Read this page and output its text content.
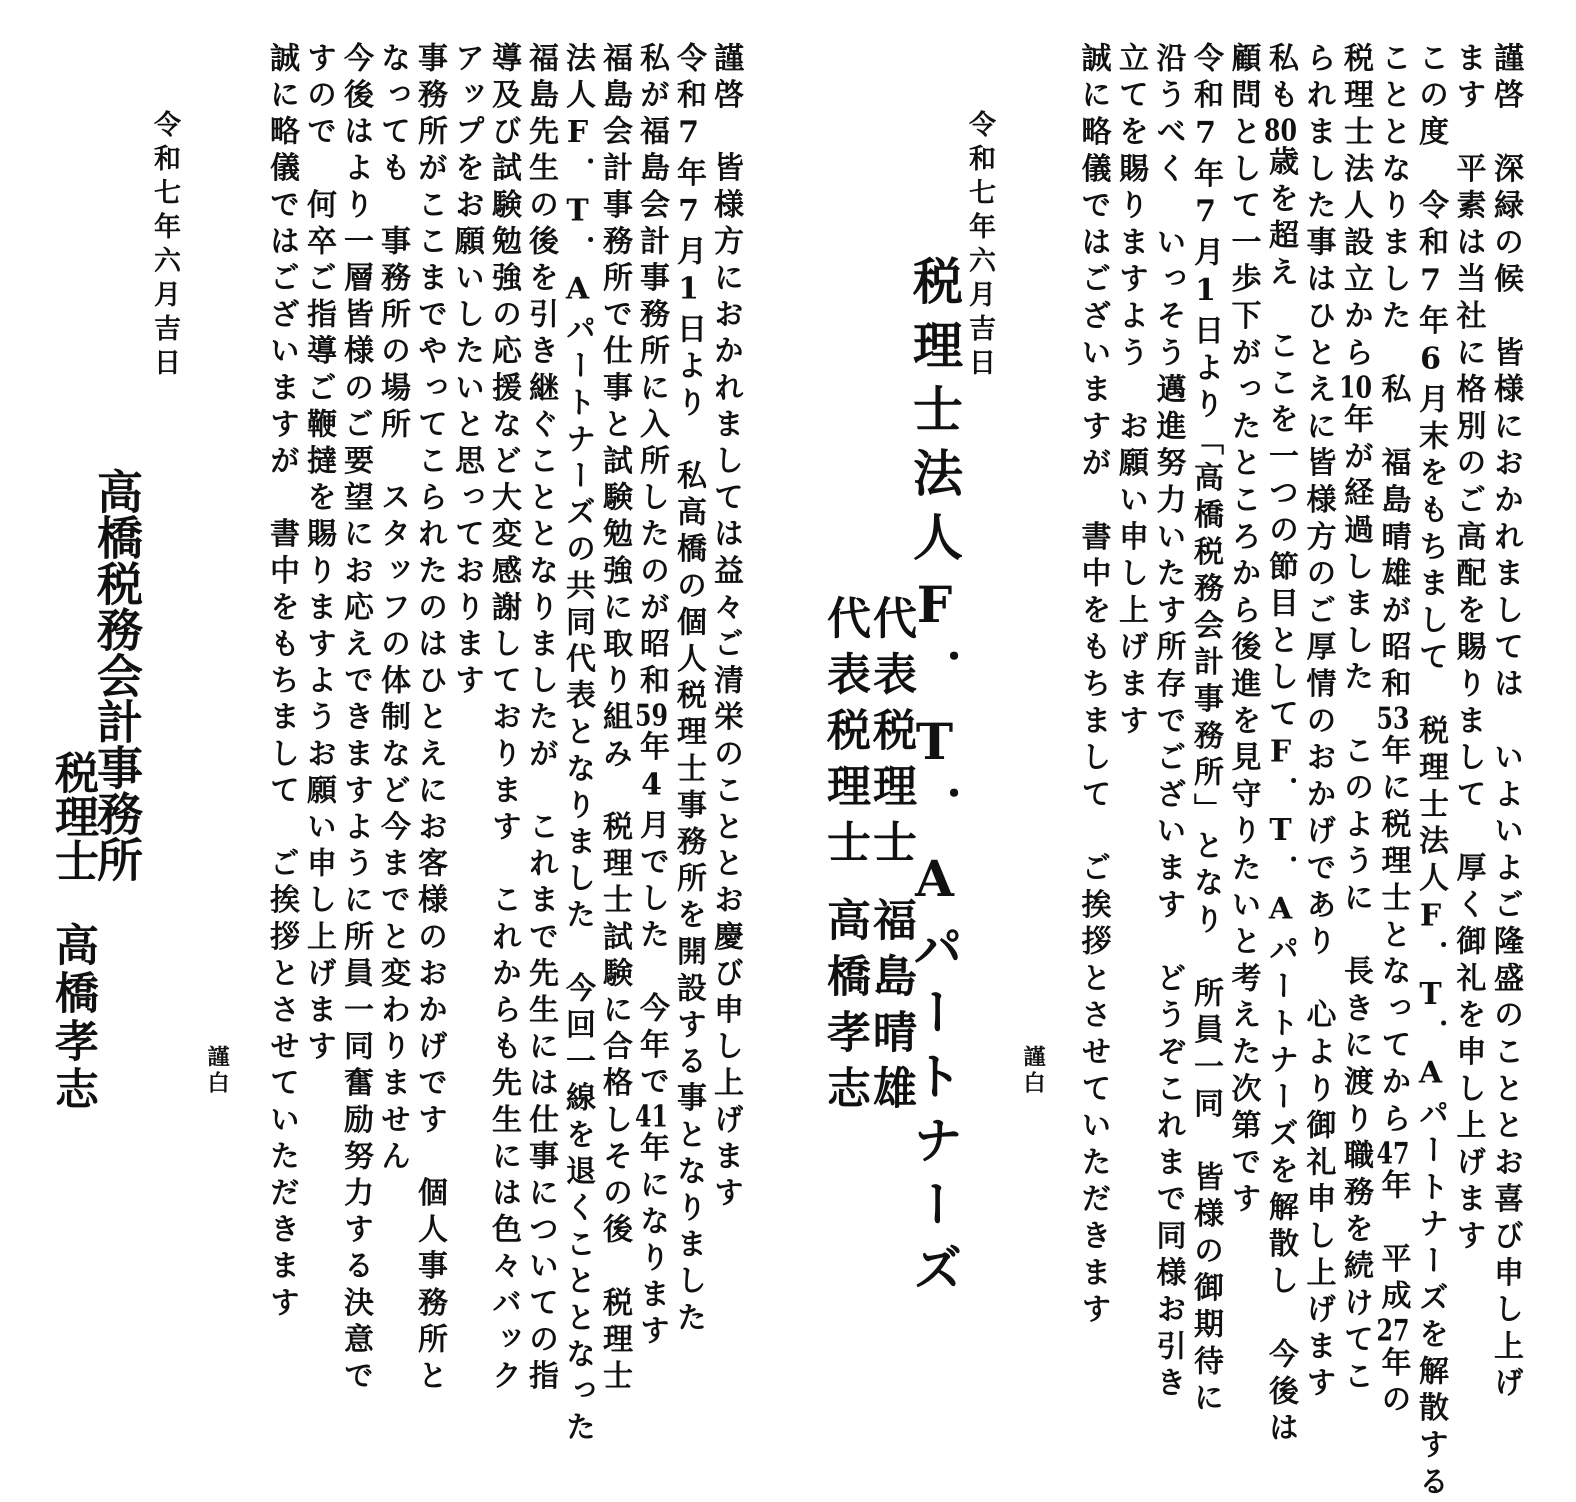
謹啓　深緑の候　皆様におかれましては　いよいよご隆盛のこととお喜び申し上げ

ます　平素は当社に格別のご高配を賜りまして　厚く御礼を申し上げます

この度　令和7年6月末をもちまして　税理士法人F．T．Aパートナーズを解散する

こととなりました　私　福島晴雄が昭和53年に税理士となってから47年　平成27年の

税理士法人設立から10年が経過しました　このように　長きに渡り職務を続けてこ

られました事はひとえに皆様方のご厚情のおかげであり　心より御礼申し上げます

私も80歳を超え　ここを一つの節目としてF．T．Aパートナーズを解散し　今後は

顧問として一歩下がったところから後進を見守りたいと考えた次第です

令和7年7月1日より「高橋税務会計事務所」となり　所員一同　皆様の御期待に

沿うべく　いっそう邁進努力いたす所存でございます　どうぞこれまで同様お引き

立てを賜りますよう　お願い申し上げます

誠に略儀ではございますが　書中をもちまして　ご挨拶とさせていただきます

謹白
令和七年六月吉日
税理士法人F．T．Aパートナーズ
代表税理士福島晴雄
代表税理士高橋孝志

謹啓　皆様方におかれましては益々ご清栄のこととお慶び申し上げます

令和7年7月1日より　私高橋の個人税理士事務所を開設する事となりました

私が福島会計事務所に入所したのが昭和59年4月でした　今年で41年になります

福島会計事務所で仕事と試験勉強に取り組み　税理士試験に合格しその後　税理士

法人F．T．Aパートナーズの共同代表となりました　今回一線を退くこととなった

福島先生の後を引き継ぐこととなりましたが　これまで先生には仕事についての指

導及び試験勉強の応援など大変感謝しております　これからも先生には色々バック

アップをお願いしたいと思っております

事務所がここまでやってこられたのはひとえにお客様のおかげです　個人事務所と

なっても　事務所の場所　スタッフの体制など今までと変わりません

今後はより一層皆様のご要望にお応えできますように所員一同奮励努力する決意で

すので　何卒ご指導ご鞭撻を賜りますようお願い申し上げます

誠に略儀ではございますが　書中をもちまして　ご挨拶とさせていただきます

謹白
令和七年六月吉日
高橋税務会計事務所
税理士高橋孝志
